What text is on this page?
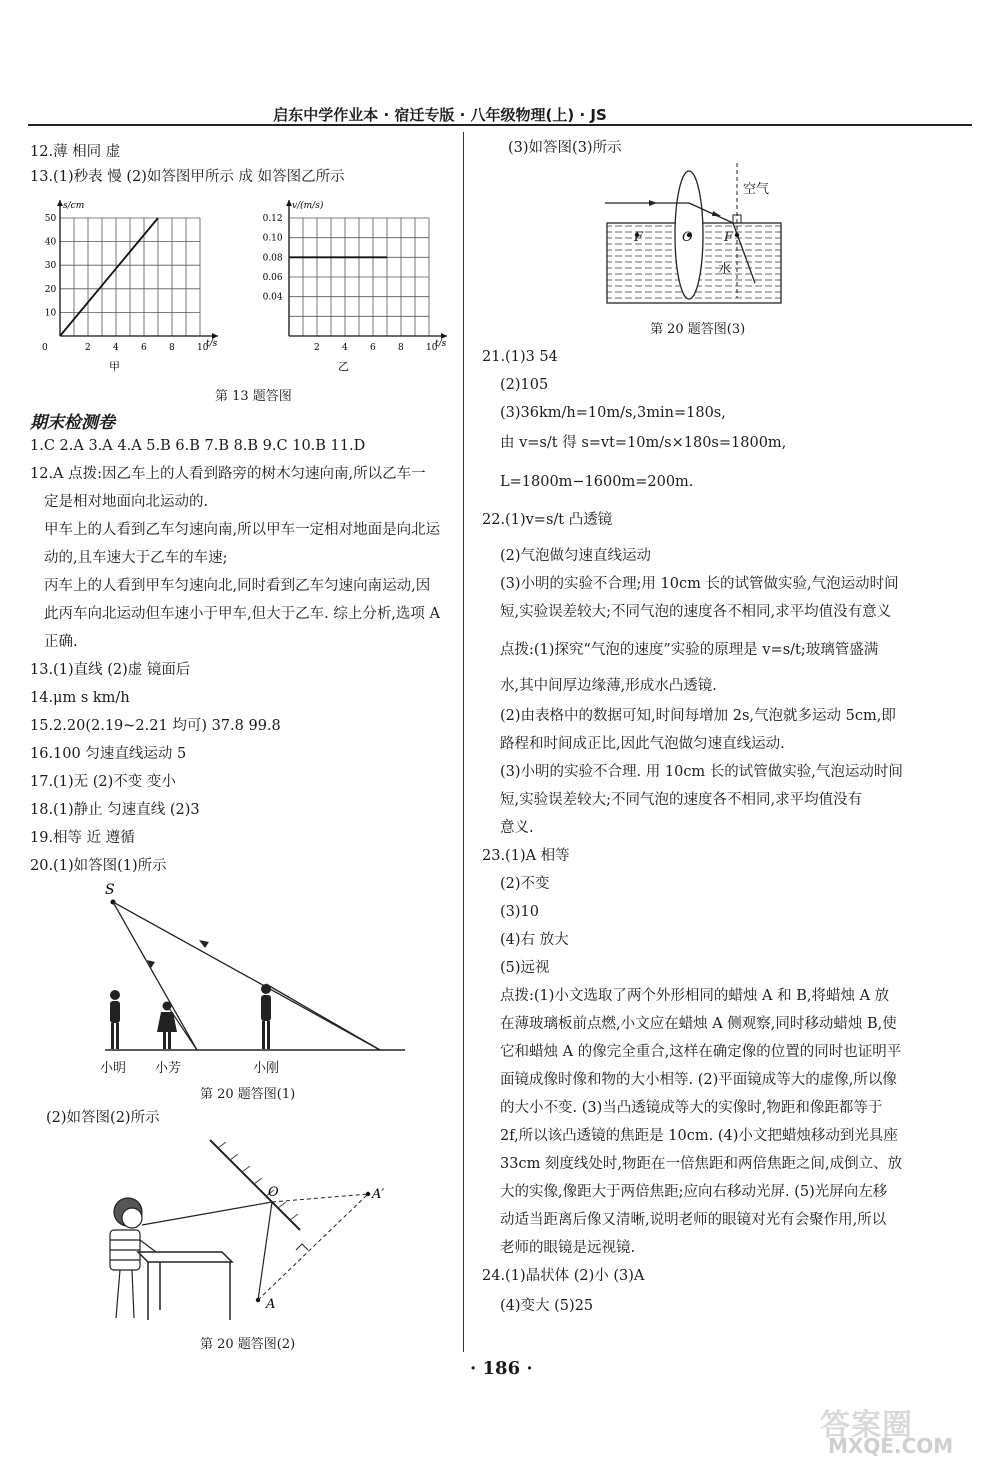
启东中学作业本 · 宿迁专版 · 八年级物理(上) · JS
12.薄 相同 虚
13.(1)秒表 慢 (2)如答图甲所示 成 如答图乙所示
s/cm
t/s
0	2 4 6 8 10
10
20
30
40
50
甲
v/(m/s)
t/s
2 4 6 8 10
0.04
0.06
0.08
0.10
0.12
乙
第 13 题答图
期末检测卷
1.C 2.A 3.A 4.A 5.B 6.B 7.B 8.B 9.C 10.B 11.D
12.A 点拨:因乙车上的人看到路旁的树木匀速向南,所以乙车一
定是相对地面向北运动的.
甲车上的人看到乙车匀速向南,所以甲车一定相对地面是向北运
动的,且车速大于乙车的车速;
丙车上的人看到甲车匀速向北,同时看到乙车匀速向南运动,因
此丙车向北运动但车速小于甲车,但大于乙车. 综上分析,选项 A
正确.
13.(1)直线 (2)虚 镜面后
14.μm s km/h
15.2.20(2.19~2.21 均可) 37.8 99.8
16.100 匀速直线运动 5
17.(1)无 (2)不变 变小
18.(1)静止 匀速直线 (2)3
19.相等 近 遵循
20.(1)如答图(1)所示
S
小明 小芳	小刚
第 20 题答图(1)
(2)如答图(2)所示
O	A′
A
第 20 题答图(2)
(3)如答图(3)所示
空气
水
F	O F
第 20 题答图(3)
21.(1)3 54
(2)105
(3)36km/h=10m/s,3min=180s,
由 v=s/t 得 s=vt=10m/s×180s=1800m,
L=1800m−1600m=200m.
22.(1)v=s/t 凸透镜
(2)气泡做匀速直线运动
(3)小明的实验不合理;用 10cm 长的试管做实验,气泡运动时间
短,实验误差较大;不同气泡的速度各不相同,求平均值没有意义
点拨:(1)探究“气泡的速度”实验的原理是 v=s/t;玻璃管盛满
水,其中间厚边缘薄,形成水凸透镜.
(2)由表格中的数据可知,时间每增加 2s,气泡就多运动 5cm,即
路程和时间成正比,因此气泡做匀速直线运动.
(3)小明的实验不合理. 用 10cm 长的试管做实验,气泡运动时间
短,实验误差较大;不同气泡的速度各不相同,求平均值没有
意义.
23.(1)A 相等
(2)不变
(3)10
(4)右 放大
(5)远视
点拨:(1)小文选取了两个外形相同的蜡烛 A 和 B,将蜡烛 A 放
在薄玻璃板前点燃,小文应在蜡烛 A 侧观察,同时移动蜡烛 B,使
它和蜡烛 A 的像完全重合,这样在确定像的位置的同时也证明平
面镜成像时像和物的大小相等. (2)平面镜成等大的虚像,所以像
的大小不变. (3)当凸透镜成等大的实像时,物距和像距都等于
2f,所以该凸透镜的焦距是 10cm. (4)小文把蜡烛移动到光具座
33cm 刻度线处时,物距在一倍焦距和两倍焦距之间,成倒立、放
大的实像,像距大于两倍焦距;应向右移动光屏. (5)光屏向左移
动适当距离后像又清晰,说明老师的眼镜对光有会聚作用,所以
老师的眼镜是远视镜.
24.(1)晶状体 (2)小 (3)A
(4)变大 (5)25
· 186 ·
答案圈
MXQE.COM
